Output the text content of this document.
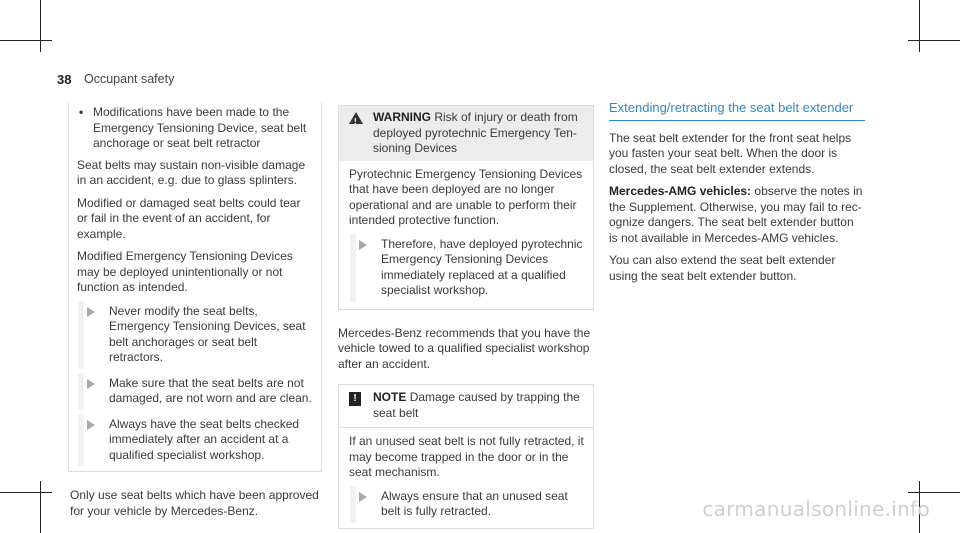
38 Occupant safety
• Modifications have been made to the Emergency Tensioning Device, seat belt anchorage or seat belt retractor

Seat belts may sustain non-visible damage in an accident, e.g. due to glass splinters.

Modified or damaged seat belts could tear or fail in the event of an accident, for example.

Modified Emergency Tensioning Devices may be deployed unintentionally or not function as intended.

Never modify the seat belts, Emergency Tensioning Devices, seat belt anchorages or seat belt retractors.
Make sure that the seat belts are not damaged, are not worn and are clean.
Always have the seat belts checked immediately after an accident at a qualified specialist workshop.

Only use seat belts which have been approved for your vehicle by Mercedes-Benz.

!
WARNING Risk of injury or death from deployed pyrotechnic Emergency Tensioning Devices

Pyrotechnic Emergency Tensioning Devices that have been deployed are no longer operational and are unable to perform their intended protective function.

Therefore, have deployed pyrotechnic Emergency Tensioning Devices immediately replaced at a qualified specialist workshop.

Mercedes-Benz recommends that you have the vehicle towed to a qualified specialist workshop after an accident.

!	NOTE Damage caused by trapping the seat belt

If an unused seat belt is not fully retracted, it may become trapped in the door or in the seat mechanism.

Always ensure that an unused seat belt is fully retracted.
Extending/retracting the seat belt extender

The seat belt extender for the front seat helps you fasten your seat belt. When the door is closed, the seat belt extender extends.

Mercedes-AMG vehicles: observe the notes in the Supplement. Otherwise, you may fail to recognize dangers. The seat belt extender button is not available in Mercedes-AMG vehicles.

You can also extend the seat belt extender using the seat belt extender button.

carmanualsonline.info
